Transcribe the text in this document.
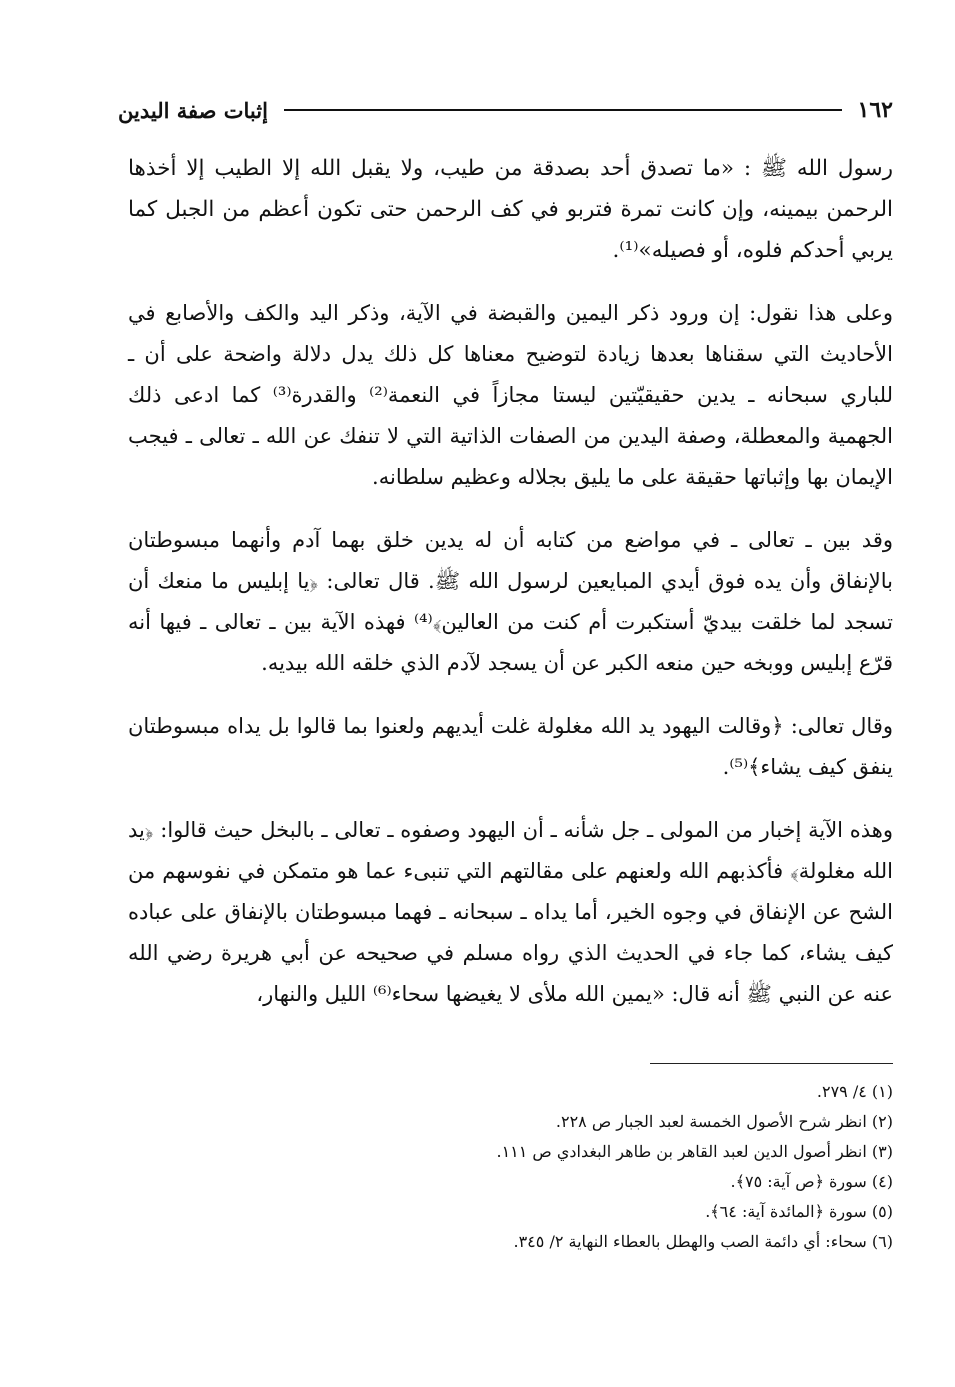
١٦٢
إثبات صفة اليدين

رسول الله ﷺ : «ما تصدق أحد بصدقة من طيب، ولا يقبل الله إلا الطيب إلا أخذها الرحمن بيمينه، وإن كانت تمرة فتربو في كف الرحمن حتى تكون أعظم من الجبل كما يربي أحدكم فلوه، أو فصيله»⁽¹⁾.

وعلى هذا نقول: إن ورود ذكر اليمين والقبضة في الآية، وذكر اليد والكف والأصابع في الأحاديث التي سقناها بعدها زيادة لتوضيح معناها كل ذلك يدل دلالة واضحة على أن ـ للباري سبحانه ـ يدين حقيقيّتين ليستا مجازاً في النعمة⁽²⁾ والقدرة⁽³⁾ كما ادعى ذلك الجهمية والمعطلة، وصفة اليدين من الصفات الذاتية التي لا تنفك عن الله ـ تعالى ـ فيجب الإيمان بها وإثباتها حقيقة على ما يليق بجلاله وعظيم سلطانه.

وقد بين ـ تعالى ـ في مواضع من كتابه أن له يدين خلق بهما آدم وأنهما مبسوطتان بالإنفاق وأن يده فوق أيدي المبايعين لرسول الله ﷺ. قال تعالى: ﴿يا إبليس ما منعك أن تسجد لما خلقت بيديّ أستكبرت أم كنت من العالين﴾⁽⁴⁾ فهذه الآية بين ـ تعالى ـ فيها أنه قرّع إبليس ووبخه حين منعه الكبر عن أن يسجد لآدم الذي خلقه الله بيديه.

وقال تعالى: ﴿وقالت اليهود يد الله مغلولة غلت أيديهم ولعنوا بما قالوا بل يداه مبسوطتان ينفق كيف يشاء﴾⁽⁵⁾.

وهذه الآية إخبار من المولى ـ جل شأنه ـ أن اليهود وصفوه ـ تعالى ـ بالبخل حيث قالوا: ﴿يد الله مغلولة﴾ فأكذبهم الله ولعنهم على مقالتهم التي تنبىء عما هو متمكن في نفوسهم من الشح عن الإنفاق في وجوه الخير، أما يداه ـ سبحانه ـ فهما مبسوطتان بالإنفاق على عباده كيف يشاء، كما جاء في الحديث الذي رواه مسلم في صحيحه عن أبي هريرة رضي الله عنه عن النبي ﷺ أنه قال: «يمين الله ملأى لا يغيضها سحاء⁽⁶⁾ الليل والنهار،

(١) ٤/ ٢٧٩.
(٢) انظر شرح الأصول الخمسة لعبد الجبار ص ٢٢٨.
(٣) انظر أصول الدين لعبد القاهر بن طاهر البغدادي ص ١١١.
(٤) سورة ﴿ص آية: ٧٥﴾.
(٥) سورة ﴿المائدة آية: ٦٤﴾.
(٦) سحاء: أي دائمة الصب والهطل بالعطاء النهاية ٢/ ٣٤٥.
